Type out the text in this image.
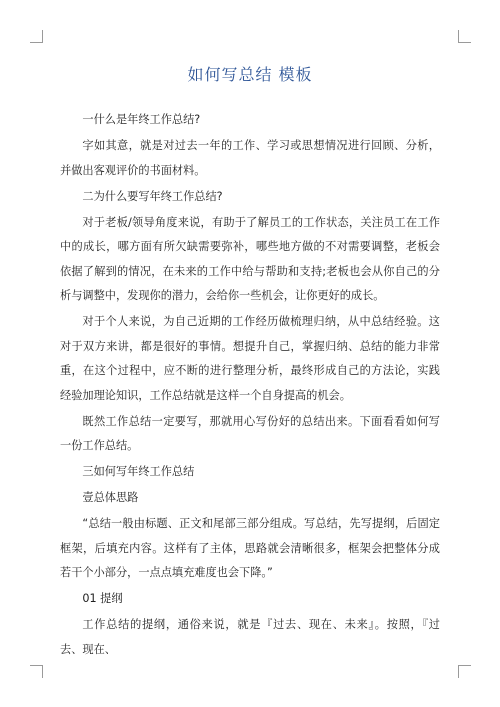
如何写总结 模板

一什么是年终工作总结?

字如其意，就是对过去一年的工作、学习或思想情况进行回顾、分析，并做出客观评价的书面材料。

二为什么要写年终工作总结?

对于老板/领导角度来说，有助于了解员工的工作状态，关注员工在工作中的成长，哪方面有所欠缺需要弥补，哪些地方做的不对需要调整，老板会依据了解到的情况，在未来的工作中给与帮助和支持;老板也会从你自己的分析与调整中，发现你的潜力，会给你一些机会，让你更好的成长。

对于个人来说，为自己近期的工作经历做梳理归纳，从中总结经验。这对于双方来讲，都是很好的事情。想提升自己，掌握归纳、总结的能力非常重，在这个过程中，应不断的进行整理分析，最终形成自己的方法论，实践经验加理论知识，工作总结就是这样一个自身提高的机会。

既然工作总结一定要写，那就用心写份好的总结出来。下面看看如何写一份工作总结。

三如何写年终工作总结

壹总体思路

“总结一般由标题、正文和尾部三部分组成。写总结，先写提纲，后固定框架，后填充内容。这样有了主体，思路就会清晰很多，框架会把整体分成若干个小部分，一点点填充难度也会下降。”

01 提纲

工作总结的提纲，通俗来说，就是『过去、现在、未来』。按照，『过去、现在、
